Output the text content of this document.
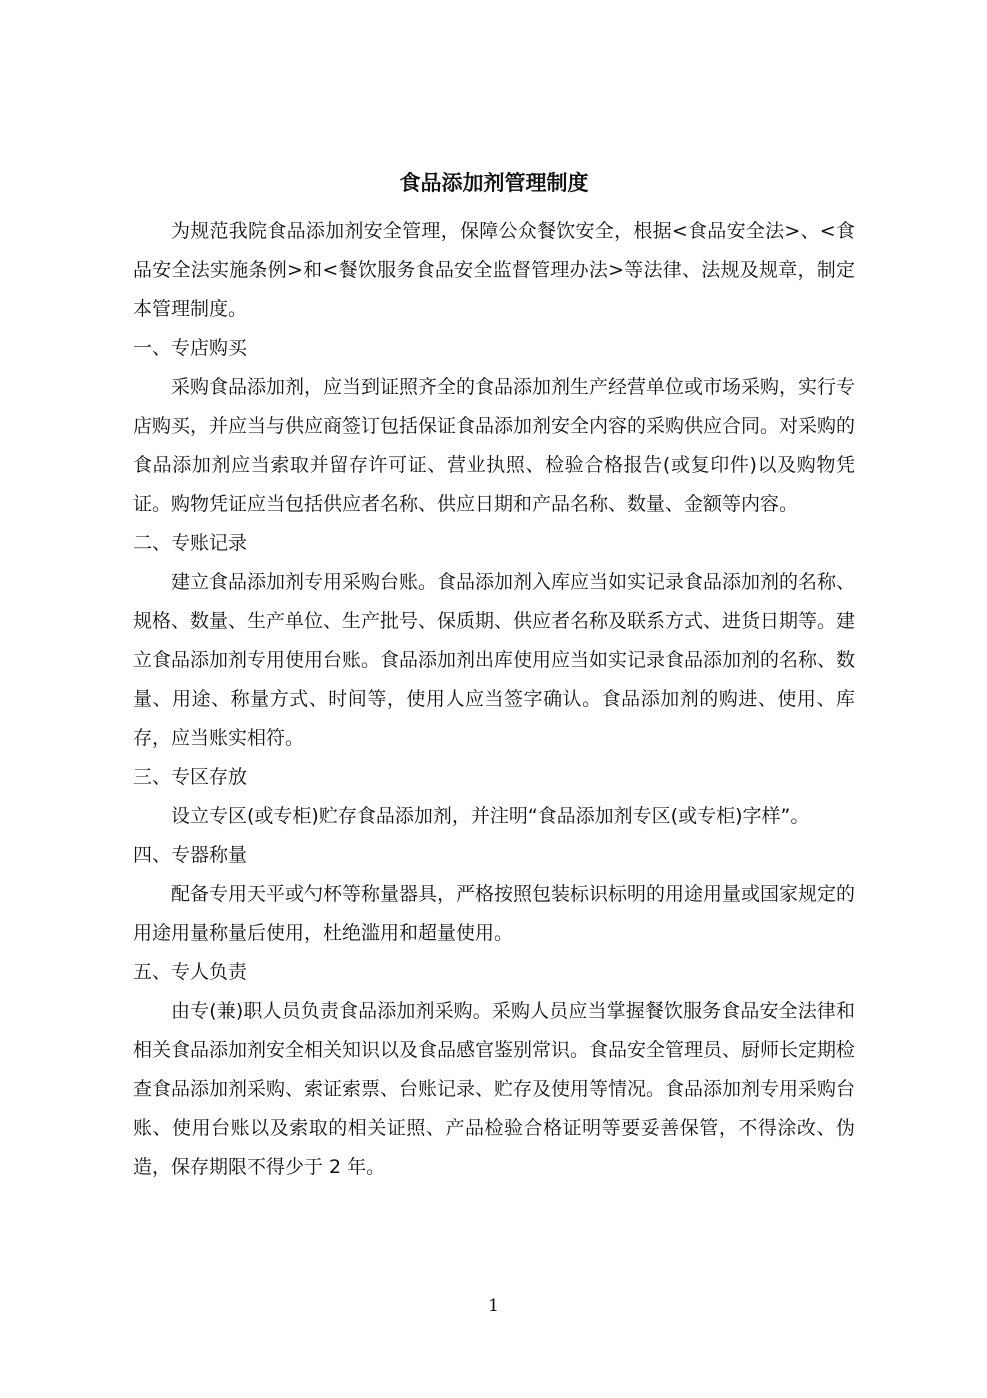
食品添加剂管理制度

为规范我院食品添加剂安全管理，保障公众餐饮安全，根据<食品安全法>、<食品安全法实施条例>和<餐饮服务食品安全监督管理办法>等法律、法规及规章，制定本管理制度。

一、专店购买

采购食品添加剂，应当到证照齐全的食品添加剂生产经营单位或市场采购，实行专店购买，并应当与供应商签订包括保证食品添加剂安全内容的采购供应合同。对采购的食品添加剂应当索取并留存许可证、营业执照、检验合格报告(或复印件)以及购物凭证。购物凭证应当包括供应者名称、供应日期和产品名称、数量、金额等内容。

二、专账记录

建立食品添加剂专用采购台账。食品添加剂入库应当如实记录食品添加剂的名称、规格、数量、生产单位、生产批号、保质期、供应者名称及联系方式、进货日期等。建立食品添加剂专用使用台账。食品添加剂出库使用应当如实记录食品添加剂的名称、数量、用途、称量方式、时间等，使用人应当签字确认。食品添加剂的购进、使用、库存，应当账实相符。

三、专区存放

设立专区(或专柜)贮存食品添加剂，并注明“食品添加剂专区(或专柜)字样”。

四、专器称量

配备专用天平或勺杯等称量器具，严格按照包装标识标明的用途用量或国家规定的用途用量称量后使用，杜绝滥用和超量使用。

五、专人负责

由专(兼)职人员负责食品添加剂采购。采购人员应当掌握餐饮服务食品安全法律和相关食品添加剂安全相关知识以及食品感官鉴别常识。食品安全管理员、厨师长定期检查食品添加剂采购、索证索票、台账记录、贮存及使用等情况。食品添加剂专用采购台账、使用台账以及索取的相关证照、产品检验合格证明等要妥善保管，不得涂改、伪造，保存期限不得少于 2 年。

1
